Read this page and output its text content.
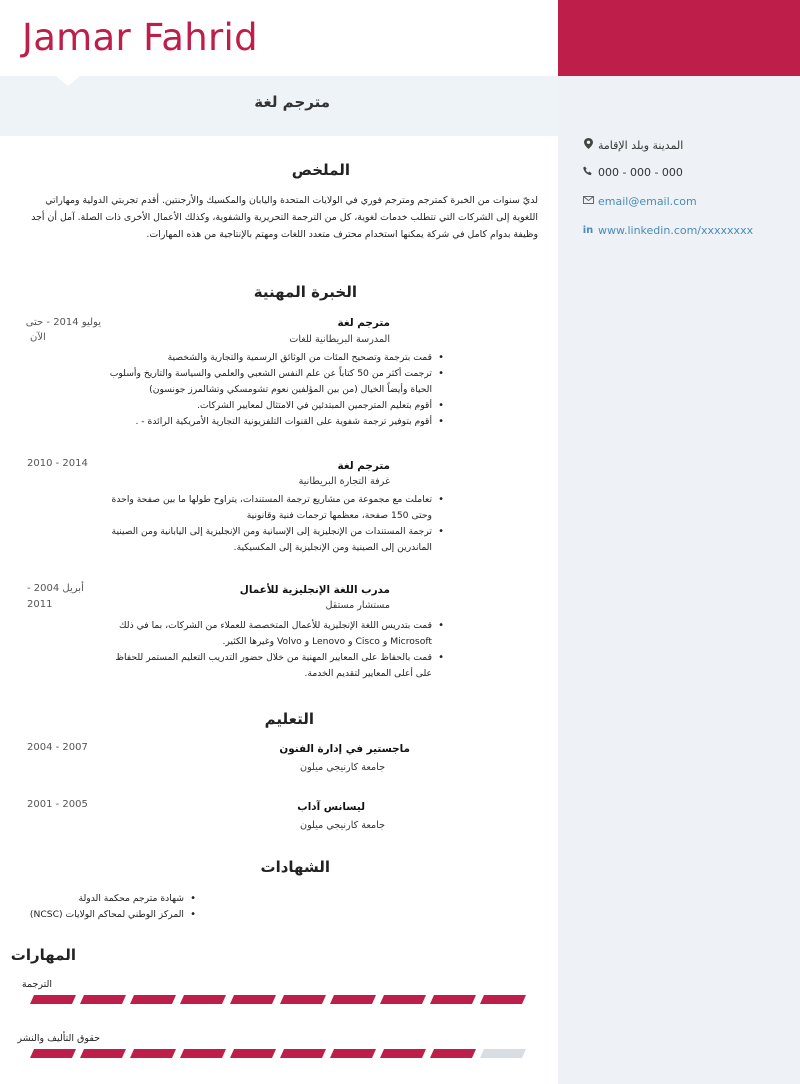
Jamar Fahrid
مترجم لغة
المدينة وبلد الإقامة
000 - 000 - 000
email@email.com
in www.linkedin.com/xxxxxxxx
الملخص
لديّ سنوات من الخبرة كمترجم ومترجم فوري في الولايات المتحدة واليابان والمكسيك والأرجنتين. أقدم تجربتي الدولية ومهاراتي اللغوية إلى الشركات التي تتطلب خدمات لغوية، كل من الترجمة التحريرية والشفوية، وكذلك الأعمال الأخرى ذات الصلة. آمل أن أجد وظيفة بدوام كامل في شركة يمكنها استخدام محترف متعدد اللغات ومهتم بالإنتاجية من هذه المهارات.
الخبرة المهنية
يوليو 2014 - حتى
الآن
مترجم لغة
المدرسة البريطانية للغات
• قمت بترجمة وتصحيح المئات من الوثائق الرسمية والتجارية والشخصية
• ترجمت أكثر من 50 كتاباً عن علم النفس الشعبي والعلمي والسياسة والتاريخ وأسلوب الحياة وأيضاً الخيال (من بين المؤلفين نعوم تشومسكي وتشالمرز جونسون)
• أقوم بتعليم المترجمين المبتدئين في الامتثال لمعايير الشركات.
• أقوم بتوفير ترجمة شفوية على القنوات التلفزيونية التجارية الأمريكية الرائدة - .
2010 - 2014	مترجم لغة
غرفة التجارة البريطانية
• تعاملت مع مجموعة من مشاريع ترجمة المستندات، يتراوح طولها ما بين صفحة واحدة وحتى 150 صفحة، معظمها ترجمات فنية وقانونية
• ترجمة المستندات من الإنجليزية إلى الإسبانية ومن الإنجليزية إلى اليابانية ومن الصينية الماندرين إلى الصينية ومن الإنجليزية إلى المكسيكية.
أبريل 2004 -
2011
مدرب اللغة الإنجليزية للأعمال
مستشار مستقل
• قمت بتدريس اللغة الإنجليزية للأعمال المتخصصة للعملاء من الشركات، بما في ذلك Microsoft و Cisco و Lenovo و Volvo وغيرها الكثير.
• قمت بالحفاظ على المعايير المهنية من خلال حضور التدريب التعليم المستمر للحفاظ على أعلى المعايير لتقديم الخدمة.
التعليم
2004 - 2007	ماجستير في إدارة الفنون
جامعة كارنيجي ميلون
2001 - 2005	ليسانس آداب
جامعة كارنيجي ميلون
الشهادات
• شهادة مترجم محكمة الدولة
• المركز الوطني لمحاكم الولايات (NCSC)
المهارات
الترجمة
حقوق التأليف والنشر
